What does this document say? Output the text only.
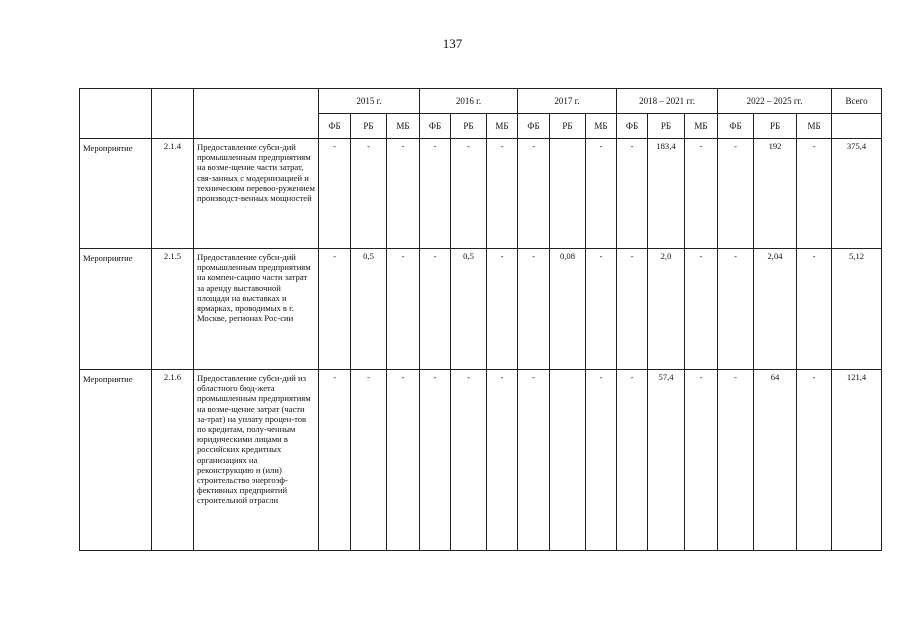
137
			2015 г.			2016 г.			2017 г.			2018 – 2021 гг.			2022 – 2025 гг.			Всего
			ФБ	РБ	МБ	ФБ	РБ	МБ	ФБ	РБ	МБ	ФБ	РБ	МБ	ФБ	РБ	МБ	
Мероприятие	2.1.4	Предоставление субси-дий промышленным предприятиям на возме-щение части затрат, свя-занных с модернизацией и техническим перевоо-ружением производст-венных мощностей	-	-	-	-	-	-	-		-	-	183,4	-	-	192	-	375,4
Мероприятие	2.1.5	Предоставление субси-дий промышленным предприятиям на компен-сацию части затрат за аренду выставочной площади на выставках и ярмарках, проводимых в г. Москве, регионах Рос-сии	-	0,5	-	-	0,5	-	-	0,08	-	-	2,0	-	-	2,04	-	5,12
Мероприятие	2.1.6	Предоставление субси-дий из областного бюд-жета промышленным предприятиям на возме-щение затрат (части за-трат) на уплату процен-тов по кредитам, полу-ченным юридическими лицами в российских кредитных организациях на реконструкцию и (или) строительство энергоэф-фективных предприятий строительной отрасли	-	-	-	-	-	-	-		-	-	57,4	-	-	64	-	121,4
